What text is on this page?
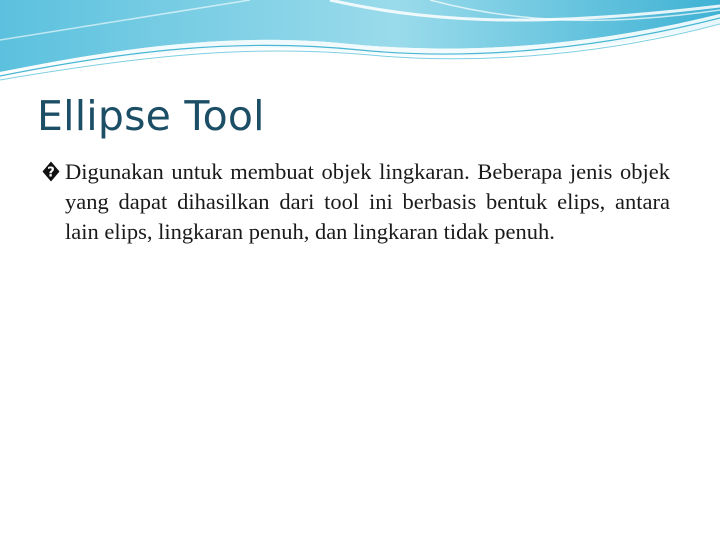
Ellipse Tool
? Digunakan untuk membuat objek lingkaran. Beberapa jenis objek yang dapat dihasilkan dari tool ini berbasis bentuk elips, antara lain elips, lingkaran penuh, dan lingkaran tidak penuh.
